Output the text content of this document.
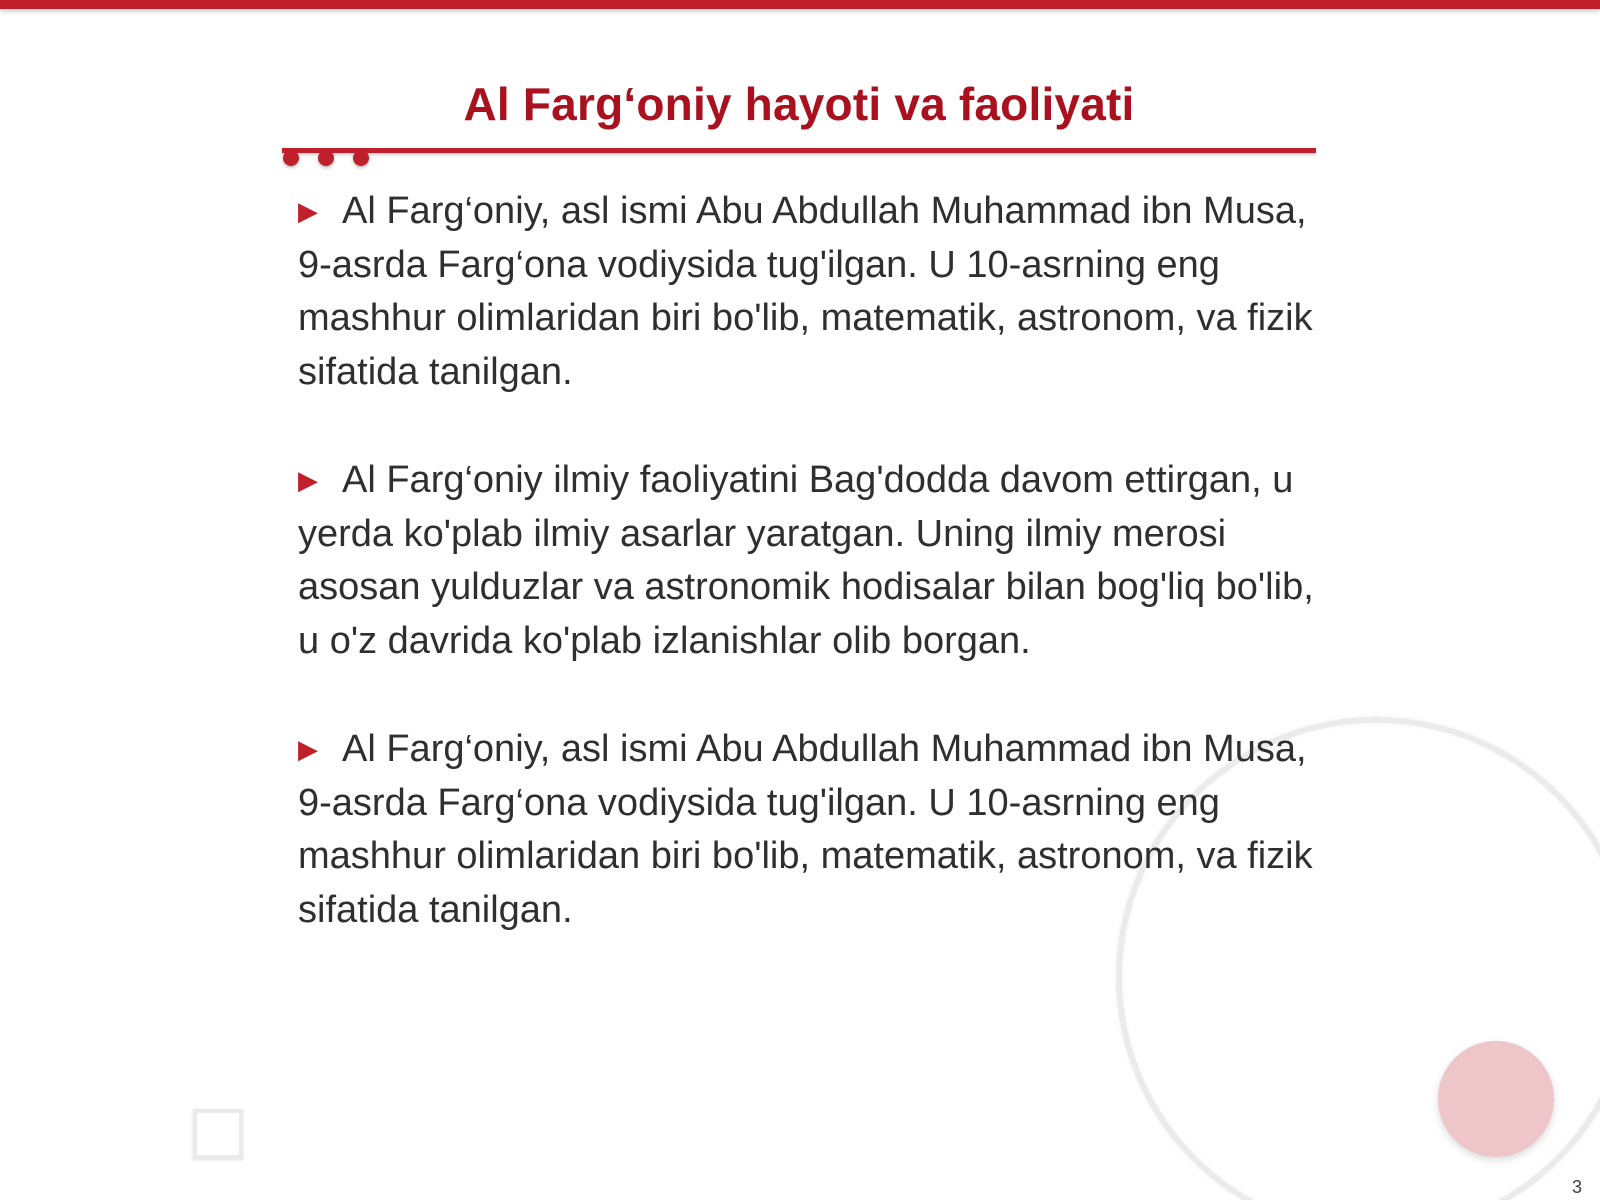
Al Farg‘oniy hayoti va faoliyati

▶ Al Farg‘oniy, asl ismi Abu Abdullah Muhammad ibn Musa, 9-asrda Farg‘ona vodiysida tug'ilgan. U 10-asrning eng mashhur olimlaridan biri bo'lib, matematik, astronom, va fizik sifatida tanilgan.

▶ Al Farg‘oniy ilmiy faoliyatini Bag'dodda davom ettirgan, u yerda ko'plab ilmiy asarlar yaratgan. Uning ilmiy merosi asosan yulduzlar va astronomik hodisalar bilan bog'liq bo'lib, u o'z davrida ko'plab izlanishlar olib borgan.

▶ Al Farg‘oniy, asl ismi Abu Abdullah Muhammad ibn Musa, 9-asrda Farg‘ona vodiysida tug'ilgan. U 10-asrning eng mashhur olimlaridan biri bo'lib, matematik, astronom, va fizik sifatida tanilgan.

3
